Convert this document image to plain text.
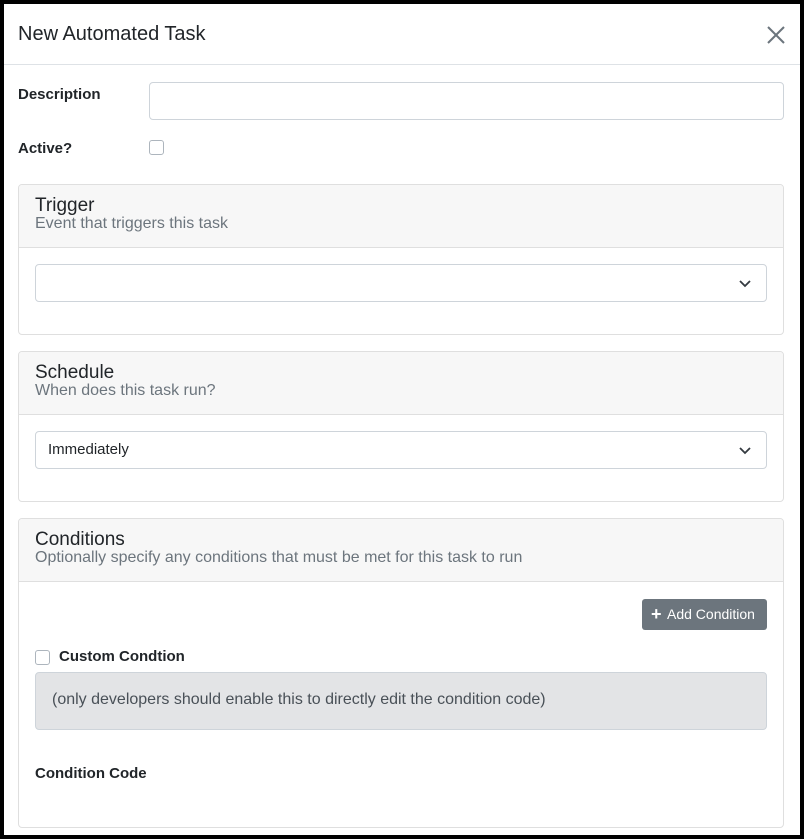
New Automated Task
Description
Active?
Trigger
Event that triggers this task
Schedule
When does this task run?
Immediately
Conditions
Optionally specify any conditions that must be met for this task to run
+ Add Condition
Custom Condtion
(only developers should enable this to directly edit the condition code)
Condition Code
